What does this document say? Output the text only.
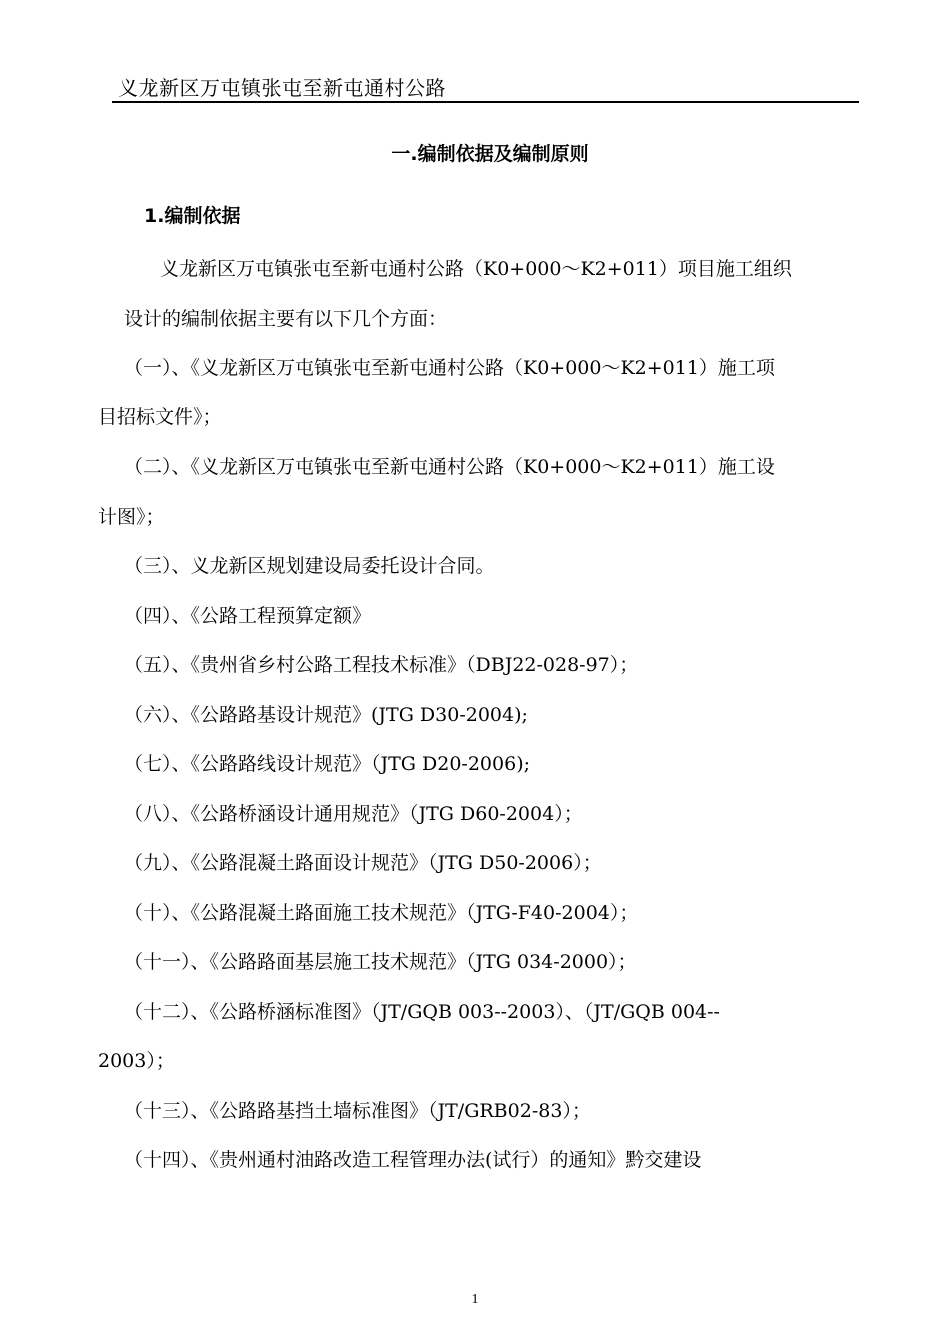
义龙新区万屯镇张屯至新屯通村公路
一.编制依据及编制原则
1.编制依据
义龙新区万屯镇张屯至新屯通村公路（K0+000～K2+011）项目施工组织
设计的编制依据主要有以下几个方面：
（一）、《义龙新区万屯镇张屯至新屯通村公路（K0+000～K2+011）施工项
目招标文件》；
（二）、《义龙新区万屯镇张屯至新屯通村公路（K0+000～K2+011）施工设
计图》；
（三）、义龙新区规划建设局委托设计合同。
（四）、《公路工程预算定额》
（五）、《贵州省乡村公路工程技术标准》（DBJ22-028-97）；
（六）、《公路路基设计规范》(JTG D30-2004);
（七）、《公路路线设计规范》（JTG D20-2006);
（八）、《公路桥涵设计通用规范》（JTG D60-2004）；
（九）、《公路混凝土路面设计规范》（JTG D50-2006）；
（十）、《公路混凝土路面施工技术规范》（JTG-F40-2004）；
（十一）、《公路路面基层施工技术规范》（JTG 034-2000）；
（十二）、《公路桥涵标准图》（JT/GQB 003--2003）、（JT/GQB 004--
2003）；
（十三）、《公路路基挡土墙标准图》（JT/GRB02-83）；
（十四）、《贵州通村油路改造工程管理办法(试行）的通知》黔交建设
1
